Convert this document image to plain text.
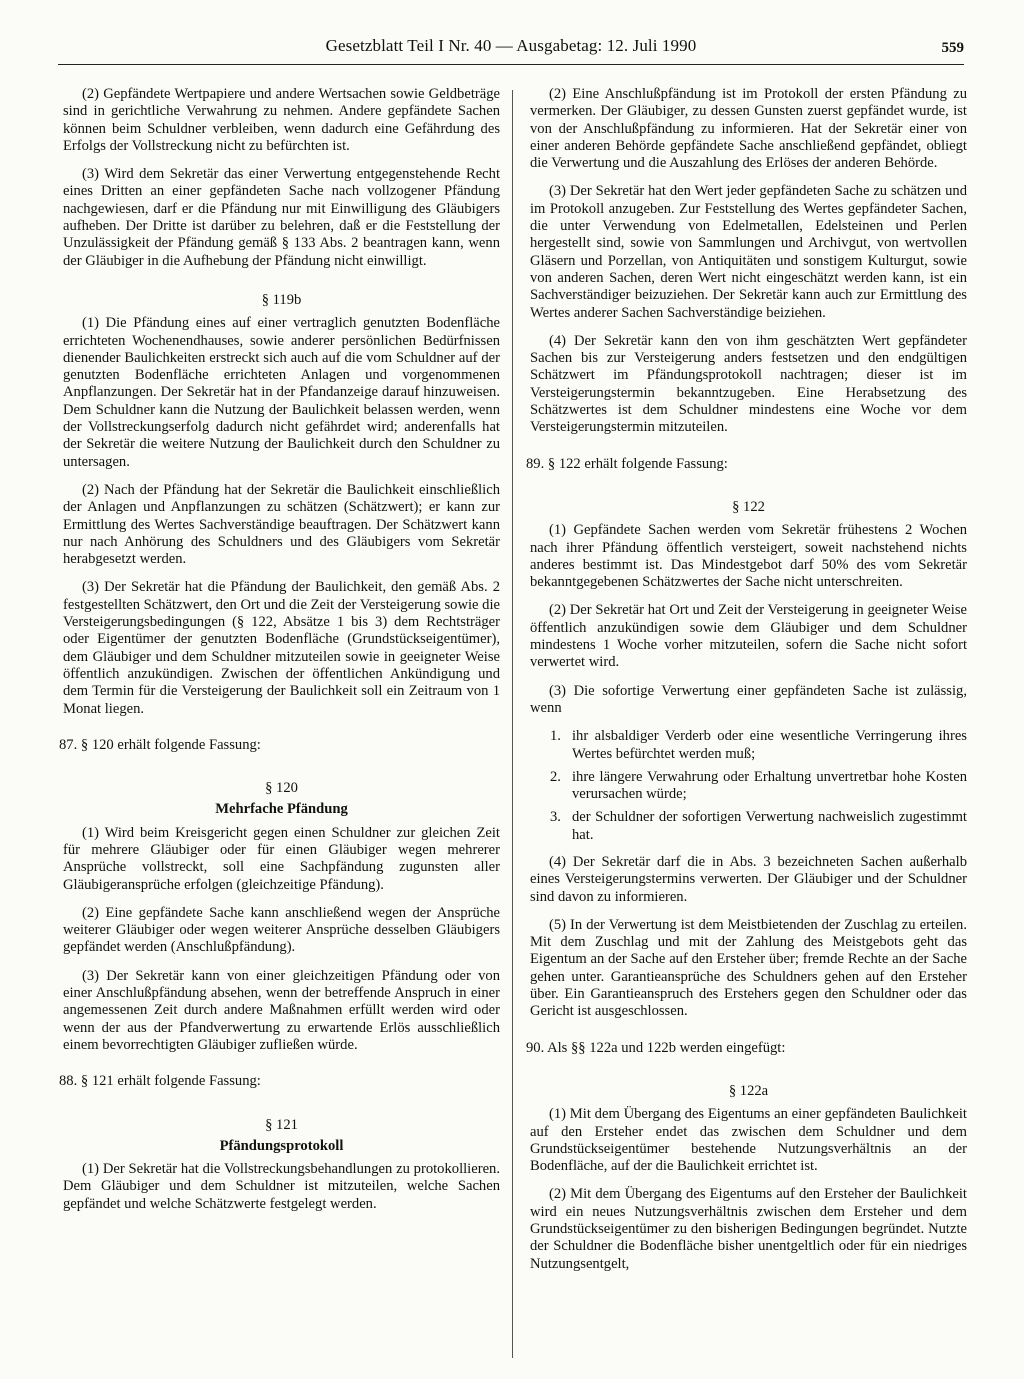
Gesetzblatt Teil I Nr. 40 — Ausgabetag: 12. Juli 1990	559

(2) Gepfändete Wertpapiere und andere Wertsachen sowie Geldbeträge sind in gerichtliche Verwahrung zu nehmen. Andere gepfändete Sachen können beim Schuldner verbleiben, wenn dadurch eine Gefährdung des Erfolgs der Vollstreckung nicht zu befürchten ist.

(3) Wird dem Sekretär das einer Verwertung entgegenstehende Recht eines Dritten an einer gepfändeten Sache nach vollzogener Pfändung nachgewiesen, darf er die Pfändung nur mit Einwilligung des Gläubigers aufheben. Der Dritte ist darüber zu belehren, daß er die Feststellung der Unzulässigkeit der Pfändung gemäß § 133 Abs. 2 beantragen kann, wenn der Gläubiger in die Aufhebung der Pfändung nicht einwilligt.

§ 119b

(1) Die Pfändung eines auf einer vertraglich genutzten Bodenfläche errichteten Wochenendhauses, sowie anderer persönlichen Bedürfnissen dienender Baulichkeiten erstreckt sich auch auf die vom Schuldner auf der genutzten Bodenfläche errichteten Anlagen und vorgenommenen Anpflanzungen. Der Sekretär hat in der Pfandanzeige darauf hinzuweisen. Dem Schuldner kann die Nutzung der Baulichkeit belassen werden, wenn der Vollstreckungserfolg dadurch nicht gefährdet wird; anderenfalls hat der Sekretär die weitere Nutzung der Baulichkeit durch den Schuldner zu untersagen.

(2) Nach der Pfändung hat der Sekretär die Baulichkeit einschließlich der Anlagen und Anpflanzungen zu schätzen (Schätzwert); er kann zur Ermittlung des Wertes Sachverständige beauftragen. Der Schätzwert kann nur nach Anhörung des Schuldners und des Gläubigers vom Sekretär herabgesetzt werden.

(3) Der Sekretär hat die Pfändung der Baulichkeit, den gemäß Abs. 2 festgestellten Schätzwert, den Ort und die Zeit der Versteigerung sowie die Versteigerungsbedingungen (§ 122, Absätze 1 bis 3) dem Rechtsträger oder Eigentümer der genutzten Bodenfläche (Grundstückseigentümer), dem Gläubiger und dem Schuldner mitzuteilen sowie in geeigneter Weise öffentlich anzukündigen. Zwischen der öffentlichen Ankündigung und dem Termin für die Versteigerung der Baulichkeit soll ein Zeitraum von 1 Monat liegen.

87. § 120 erhält folgende Fassung:

§ 120
Mehrfache Pfändung

(1) Wird beim Kreisgericht gegen einen Schuldner zur gleichen Zeit für mehrere Gläubiger oder für einen Gläubiger wegen mehrerer Ansprüche vollstreckt, soll eine Sachpfändung zugunsten aller Gläubigeransprüche erfolgen (gleichzeitige Pfändung).

(2) Eine gepfändete Sache kann anschließend wegen der Ansprüche weiterer Gläubiger oder wegen weiterer Ansprüche desselben Gläubigers gepfändet werden (Anschlußpfändung).

(3) Der Sekretär kann von einer gleichzeitigen Pfändung oder von einer Anschlußpfändung absehen, wenn der betreffende Anspruch in einer angemessenen Zeit durch andere Maßnahmen erfüllt werden wird oder wenn der aus der Pfandverwertung zu erwartende Erlös ausschließlich einem bevorrechtigten Gläubiger zufließen würde.

88. § 121 erhält folgende Fassung:

§ 121
Pfändungsprotokoll

(1) Der Sekretär hat die Vollstreckungsbehandlungen zu protokollieren. Dem Gläubiger und dem Schuldner ist mitzuteilen, welche Sachen gepfändet und welche Schätzwerte festgelegt werden.

(2) Eine Anschlußpfändung ist im Protokoll der ersten Pfändung zu vermerken. Der Gläubiger, zu dessen Gunsten zuerst gepfändet wurde, ist von der Anschlußpfändung zu informieren. Hat der Sekretär einer von einer anderen Behörde gepfändete Sache anschließend gepfändet, obliegt die Verwertung und die Auszahlung des Erlöses der anderen Behörde.

(3) Der Sekretär hat den Wert jeder gepfändeten Sache zu schätzen und im Protokoll anzugeben. Zur Feststellung des Wertes gepfändeter Sachen, die unter Verwendung von Edelmetallen, Edelsteinen und Perlen hergestellt sind, sowie von Sammlungen und Archivgut, von wertvollen Gläsern und Porzellan, von Antiquitäten und sonstigem Kulturgut, sowie von anderen Sachen, deren Wert nicht eingeschätzt werden kann, ist ein Sachverständiger beizuziehen. Der Sekretär kann auch zur Ermittlung des Wertes anderer Sachen Sachverständige beiziehen.

(4) Der Sekretär kann den von ihm geschätzten Wert gepfändeter Sachen bis zur Versteigerung anders festsetzen und den endgültigen Schätzwert im Pfändungsprotokoll nachtragen; dieser ist im Versteigerungstermin bekanntzugeben. Eine Herabsetzung des Schätzwertes ist dem Schuldner mindestens eine Woche vor dem Versteigerungstermin mitzuteilen.

89. § 122 erhält folgende Fassung:

§ 122

(1) Gepfändete Sachen werden vom Sekretär frühestens 2 Wochen nach ihrer Pfändung öffentlich versteigert, soweit nachstehend nichts anderes bestimmt ist. Das Mindestgebot darf 50% des vom Sekretär bekanntgegebenen Schätzwertes der Sache nicht unterschreiten.

(2) Der Sekretär hat Ort und Zeit der Versteigerung in geeigneter Weise öffentlich anzukündigen sowie dem Gläubiger und dem Schuldner mindestens 1 Woche vorher mitzuteilen, sofern die Sache nicht sofort verwertet wird.

(3) Die sofortige Verwertung einer gepfändeten Sache ist zulässig, wenn

1. ihr alsbaldiger Verderb oder eine wesentliche Verringerung ihres Wertes befürchtet werden muß;
2. ihre längere Verwahrung oder Erhaltung unvertretbar hohe Kosten verursachen würde;
3. der Schuldner der sofortigen Verwertung nachweislich zugestimmt hat.

(4) Der Sekretär darf die in Abs. 3 bezeichneten Sachen außerhalb eines Versteigerungstermins verwerten. Der Gläubiger und der Schuldner sind davon zu informieren.

(5) In der Verwertung ist dem Meistbietenden der Zuschlag zu erteilen. Mit dem Zuschlag und mit der Zahlung des Meistgebots geht das Eigentum an der Sache auf den Ersteher über; fremde Rechte an der Sache gehen unter. Garantieansprüche des Schuldners gehen auf den Ersteher über. Ein Garantieanspruch des Erstehers gegen den Schuldner oder das Gericht ist ausgeschlossen.

90. Als §§ 122a und 122b werden eingefügt:

§ 122a

(1) Mit dem Übergang des Eigentums an einer gepfändeten Baulichkeit auf den Ersteher endet das zwischen dem Schuldner und dem Grundstückseigentümer bestehende Nutzungsverhältnis an der Bodenfläche, auf der die Baulichkeit errichtet ist.

(2) Mit dem Übergang des Eigentums auf den Ersteher der Baulichkeit wird ein neues Nutzungsverhältnis zwischen dem Ersteher und dem Grundstückseigentümer zu den bisherigen Bedingungen begründet. Nutzte der Schuldner die Bodenfläche bisher unentgeltlich oder für ein niedriges Nutzungsentgelt,
